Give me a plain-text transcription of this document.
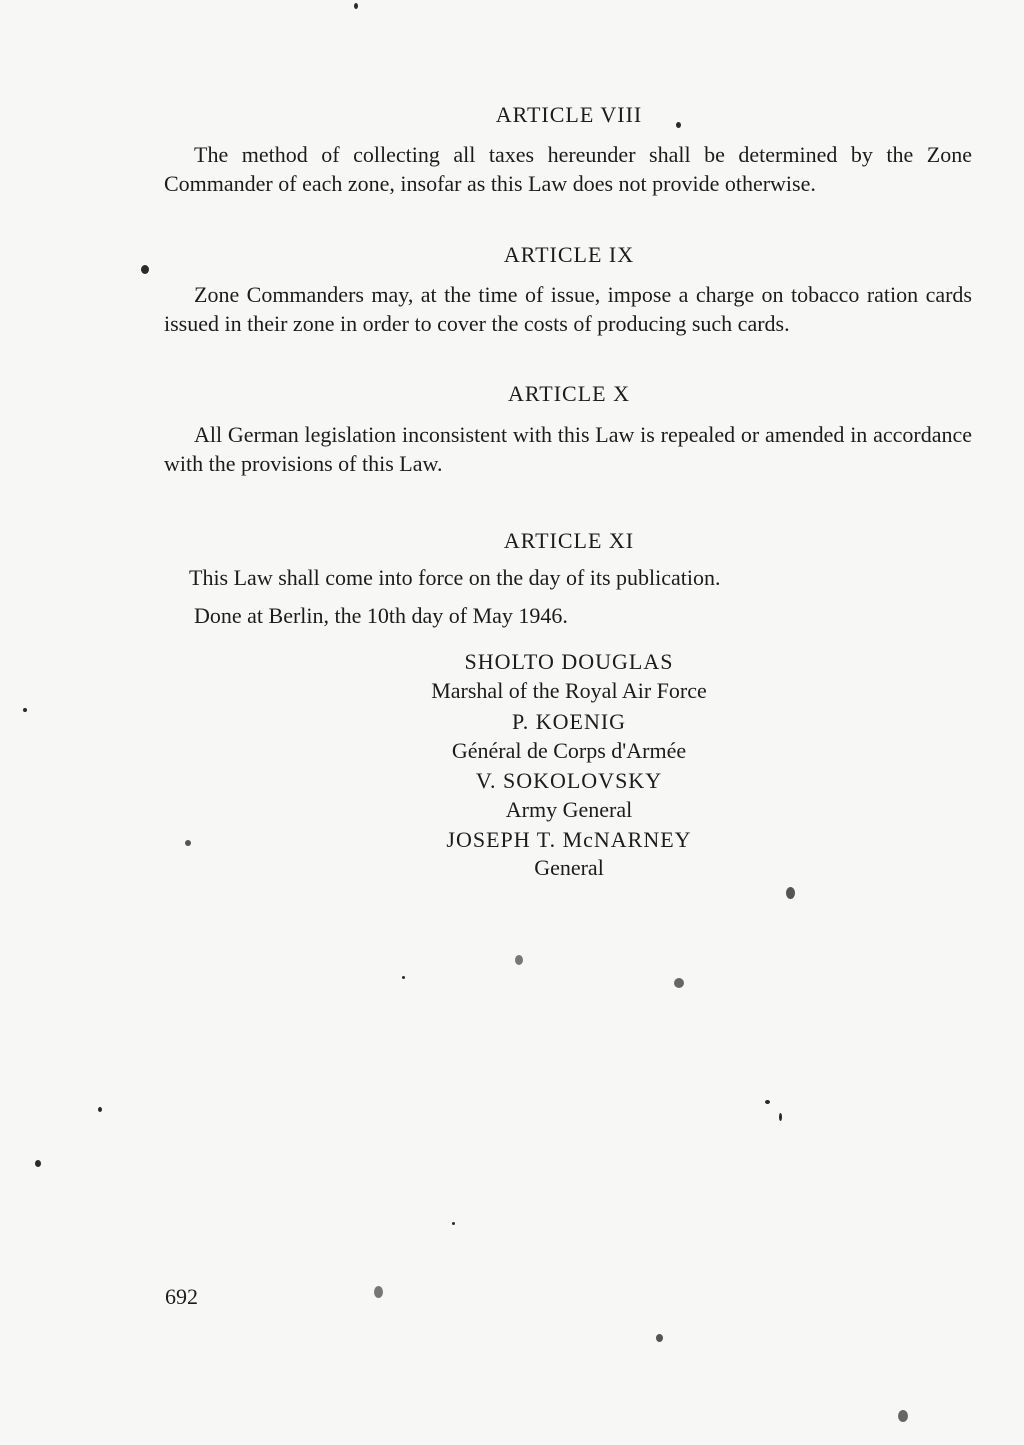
ARTICLE VIII
The method of collecting all taxes hereunder shall be determined by the Zone Commander of each zone, insofar as this Law does not provide otherwise.
ARTICLE IX
Zone Commanders may, at the time of issue, impose a charge on tobacco ration cards issued in their zone in order to cover the costs of producing such cards.
ARTICLE X
All German legislation inconsistent with this Law is repealed or amended in accordance with the provisions of this Law.
ARTICLE XI
This Law shall come into force on the day of its publication.
Done at Berlin, the 10th day of May 1946.
SHOLTO DOUGLAS
Marshal of the Royal Air Force
P. KOENIG
Général de Corps d'Armée
V. SOKOLOVSKY
Army General
JOSEPH T. McNARNEY
General
692
